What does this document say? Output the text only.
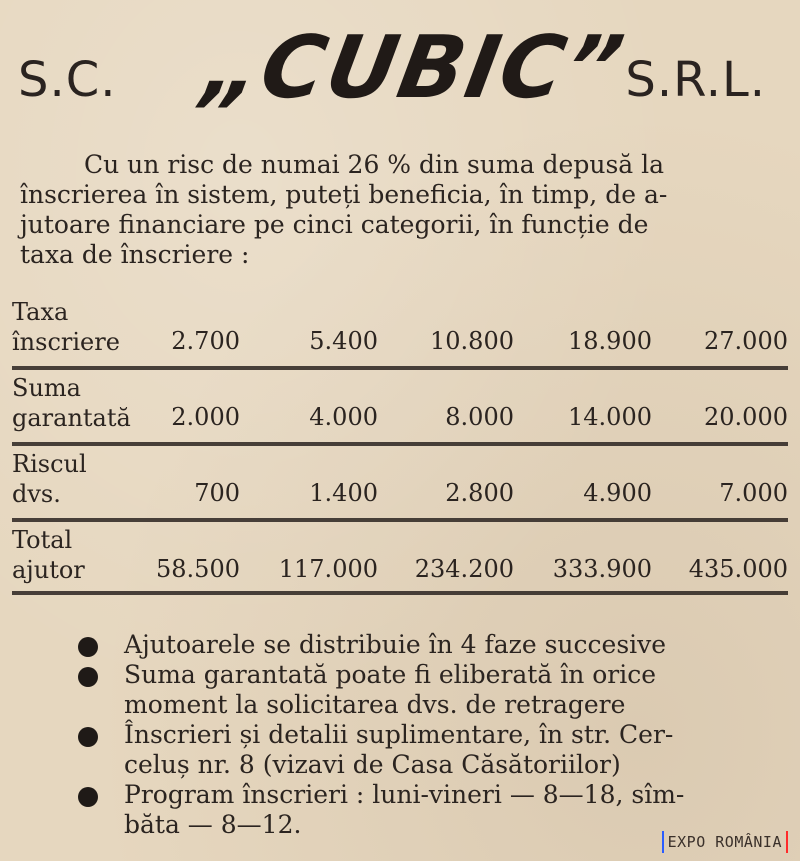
S.C. „CUBIC”
S.R.L.
Cu un risc de numai 26 % din suma depusă la
înscrierea în sistem, puteți beneficia, în timp, de a-
jutoare financiare pe cinci categorii, în funcție de
taxa de înscriere :
Taxa
înscriere 2.700	5.400	10.800	18.900	27.000
Suma
garantată 2.000	4.000	8.000	14.000	20.000
Riscul
dvs.	700	1.400	2.800	4.900	7.000
Total
ajutor	58.500	117.000	234.200	333.900	435.000

Ajutoarele se distribuie în 4 faze succesive

Suma garantată poate fi eliberată în orice
moment la solicitarea dvs. de retragere

Înscrieri și detalii suplimentare, în str. Cer-
celuș nr. 8 (vizavi de Casa Căsătoriilor)

Program înscrieri : luni-vineri — 8—18, sîm-
băta — 8—12.

EXPO ROMÂNIA
